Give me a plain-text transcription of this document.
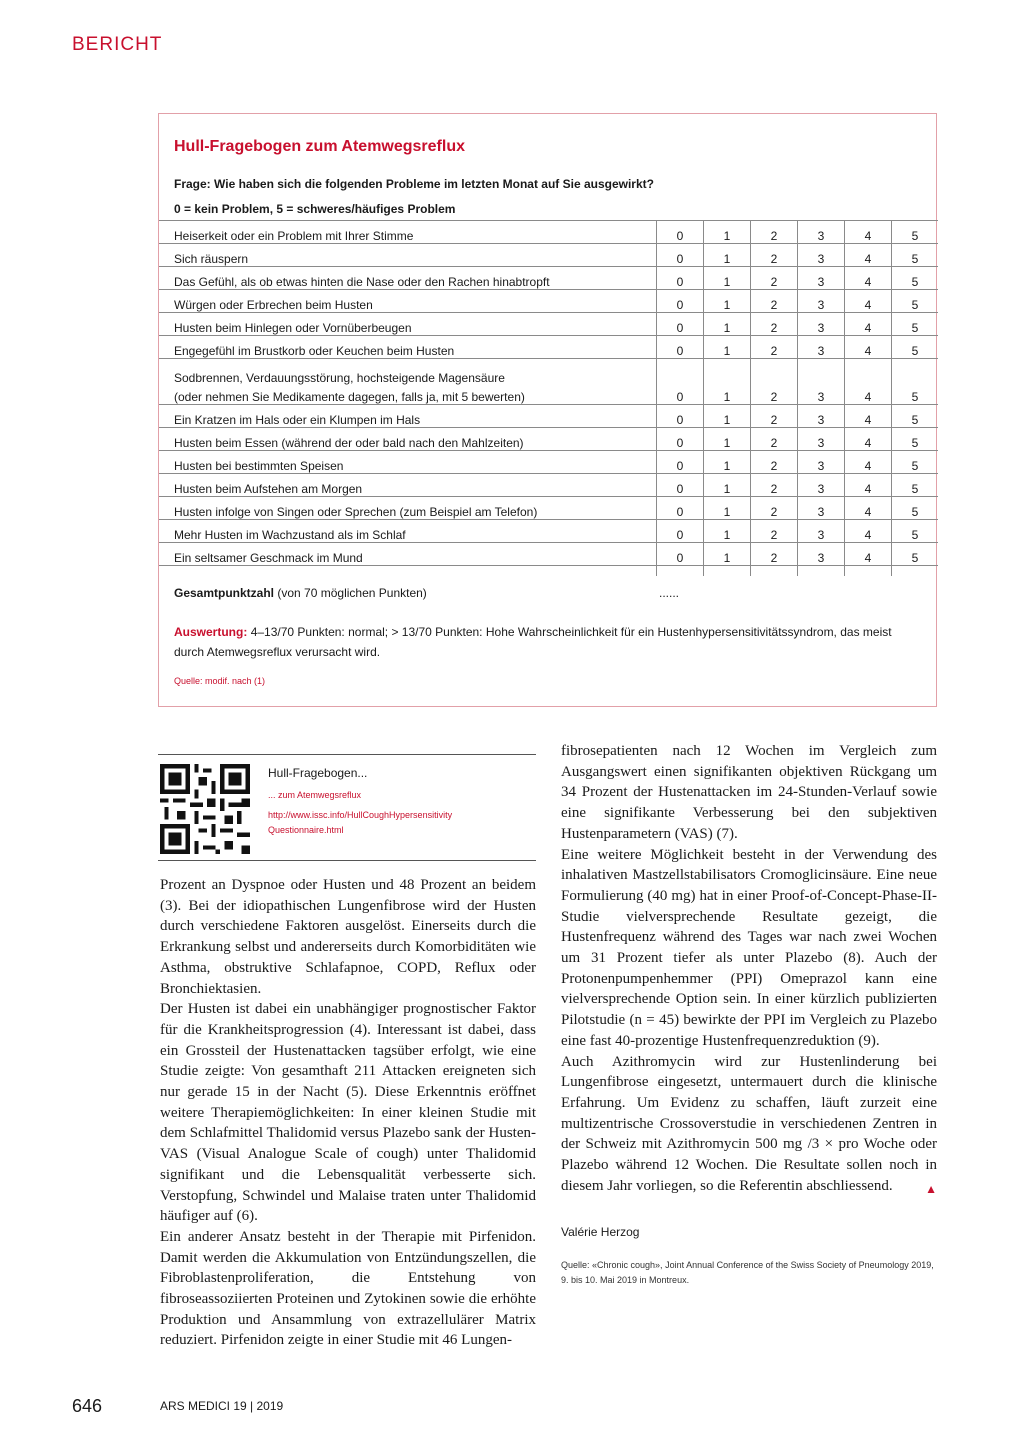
BERICHT
Hull-Fragebogen zum Atemwegsreflux
Frage: Wie haben sich die folgenden Probleme im letzten Monat auf Sie ausgewirkt?
0 = kein Problem, 5 = schweres/häufiges Problem
Heiserkeit oder ein Problem mit Ihrer Stimme	0	1	2	3	4	5
Sich räuspern	0	1	2	3	4	5
Das Gefühl, als ob etwas hinten die Nase oder den Rachen hinabtropft	0	1	2	3	4	5
Würgen oder Erbrechen beim Husten	0	1	2	3	4	5
Husten beim Hinlegen oder Vornüberbeugen	0	1	2	3	4	5
Engegefühl im Brustkorb oder Keuchen beim Husten	0	1	2	3	4	5

Sodbrennen, Verdauungsstörung, hochsteigende Magensäure
(oder nehmen Sie Medikamente dagegen, falls ja, mit 5 bewerten)	0	1	2	3	4	5
Ein Kratzen im Hals oder ein Klumpen im Hals	0	1	2	3	4	5
Husten beim Essen (während der oder bald nach den Mahlzeiten)	0	1	2	3	4	5
Husten bei bestimmten Speisen	0	1	2	3	4	5
Husten beim Aufstehen am Morgen	0	1	2	3	4	5
Husten infolge von Singen oder Sprechen (zum Beispiel am Telefon)	0	1	2	3	4	5
Mehr Husten im Wachzustand als im Schlaf	0	1	2	3	4	5
Ein seltsamer Geschmack im Mund	0	1	2	3	4	5

Gesamtpunktzahl (von 70 möglichen Punkten)	......
Auswertung: 4–13/70 Punkten: normal; > 13/70 Punkten: Hohe Wahrscheinlichkeit für ein Hustenhypersensitivitätssyndrom, das meist durch Atemwegsreflux verursacht wird.
Quelle: modif. nach (1)
Hull-Fragebogen...
... zum Atemwegsreflux
http://www.issc.info/HullCoughHypersensitivity
Questionnaire.html

Prozent an Dyspnoe oder Husten und 48 Prozent an beidem (3). Bei der idiopathischen Lungenfibrose wird der Husten durch verschiedene Faktoren ausgelöst. Einerseits durch die Erkrankung selbst und andererseits durch Komorbiditäten wie Asthma, obstruktive Schlafapnoe, COPD, Reflux oder Bronchiektasien.

Der Husten ist dabei ein unabhängiger prognostischer Faktor für die Krankheitsprogression (4). Interessant ist dabei, dass ein Grossteil der Hustenattacken tagsüber erfolgt, wie eine Studie zeigte: Von gesamthaft 211 Attacken ereigneten sich nur gerade 15 in der Nacht (5). Diese Erkenntnis eröffnet weitere Therapiemöglichkeiten: In einer kleinen Studie mit dem Schlafmittel Thalidomid versus Plazebo sank der Husten-VAS (Visual Analogue Scale of cough) unter Thalidomid signifikant und die Lebensqualität verbesserte sich. Verstopfung, Schwindel und Malaise traten unter Thalidomid häufiger auf (6).

Ein anderer Ansatz besteht in der Therapie mit Pirfenidon. Damit werden die Akkumulation von Entzündungszellen, die Fibroblastenproliferation, die Entstehung von fibroseassoziierten Proteinen und Zytokinen sowie die erhöhte Produktion und Ansammlung von extrazellulärer Matrix reduziert. Pirfenidon zeigte in einer Studie mit 46 Lungen-

fibrosepatienten nach 12 Wochen im Vergleich zum Ausgangswert einen signifikanten objektiven Rückgang um 34 Prozent der Hustenattacken im 24-Stunden-Verlauf sowie eine signifikante Verbesserung bei den subjektiven Hustenparametern (VAS) (7).

Eine weitere Möglichkeit besteht in der Verwendung des inhalativen Mastzellstabilisators Cromoglicinsäure. Eine neue Formulierung (40 mg) hat in einer Proof-of-Concept-Phase-II-Studie vielversprechende Resultate gezeigt, die Hustenfrequenz während des Tages war nach zwei Wochen um 31 Prozent tiefer als unter Plazebo (8). Auch der Protonenpumpenhemmer (PPI) Omeprazol kann eine vielversprechende Option sein. In einer kürzlich publizierten Pilotstudie (n = 45) bewirkte der PPI im Vergleich zu Plazebo eine fast 40-prozentige Hustenfrequenzreduktion (9).

Auch Azithromycin wird zur Hustenlinderung bei Lungenfibrose eingesetzt, untermauert durch die klinische Erfahrung. Um Evidenz zu schaffen, läuft zurzeit eine multizentrische Crossoverstudie in verschiedenen Zentren in der Schweiz mit Azithromycin 500 mg /3 × pro Woche oder Plazebo während 12 Wochen. Die Resultate sollen noch in diesem Jahr vorliegen, so die Referentin abschliessend.	▲

Valérie Herzog
Quelle: «Chronic cough», Joint Annual Conference of the Swiss Society of Pneumology 2019, 9. bis 10. Mai 2019 in Montreux.
646	ARS MEDICI 19 | 2019
